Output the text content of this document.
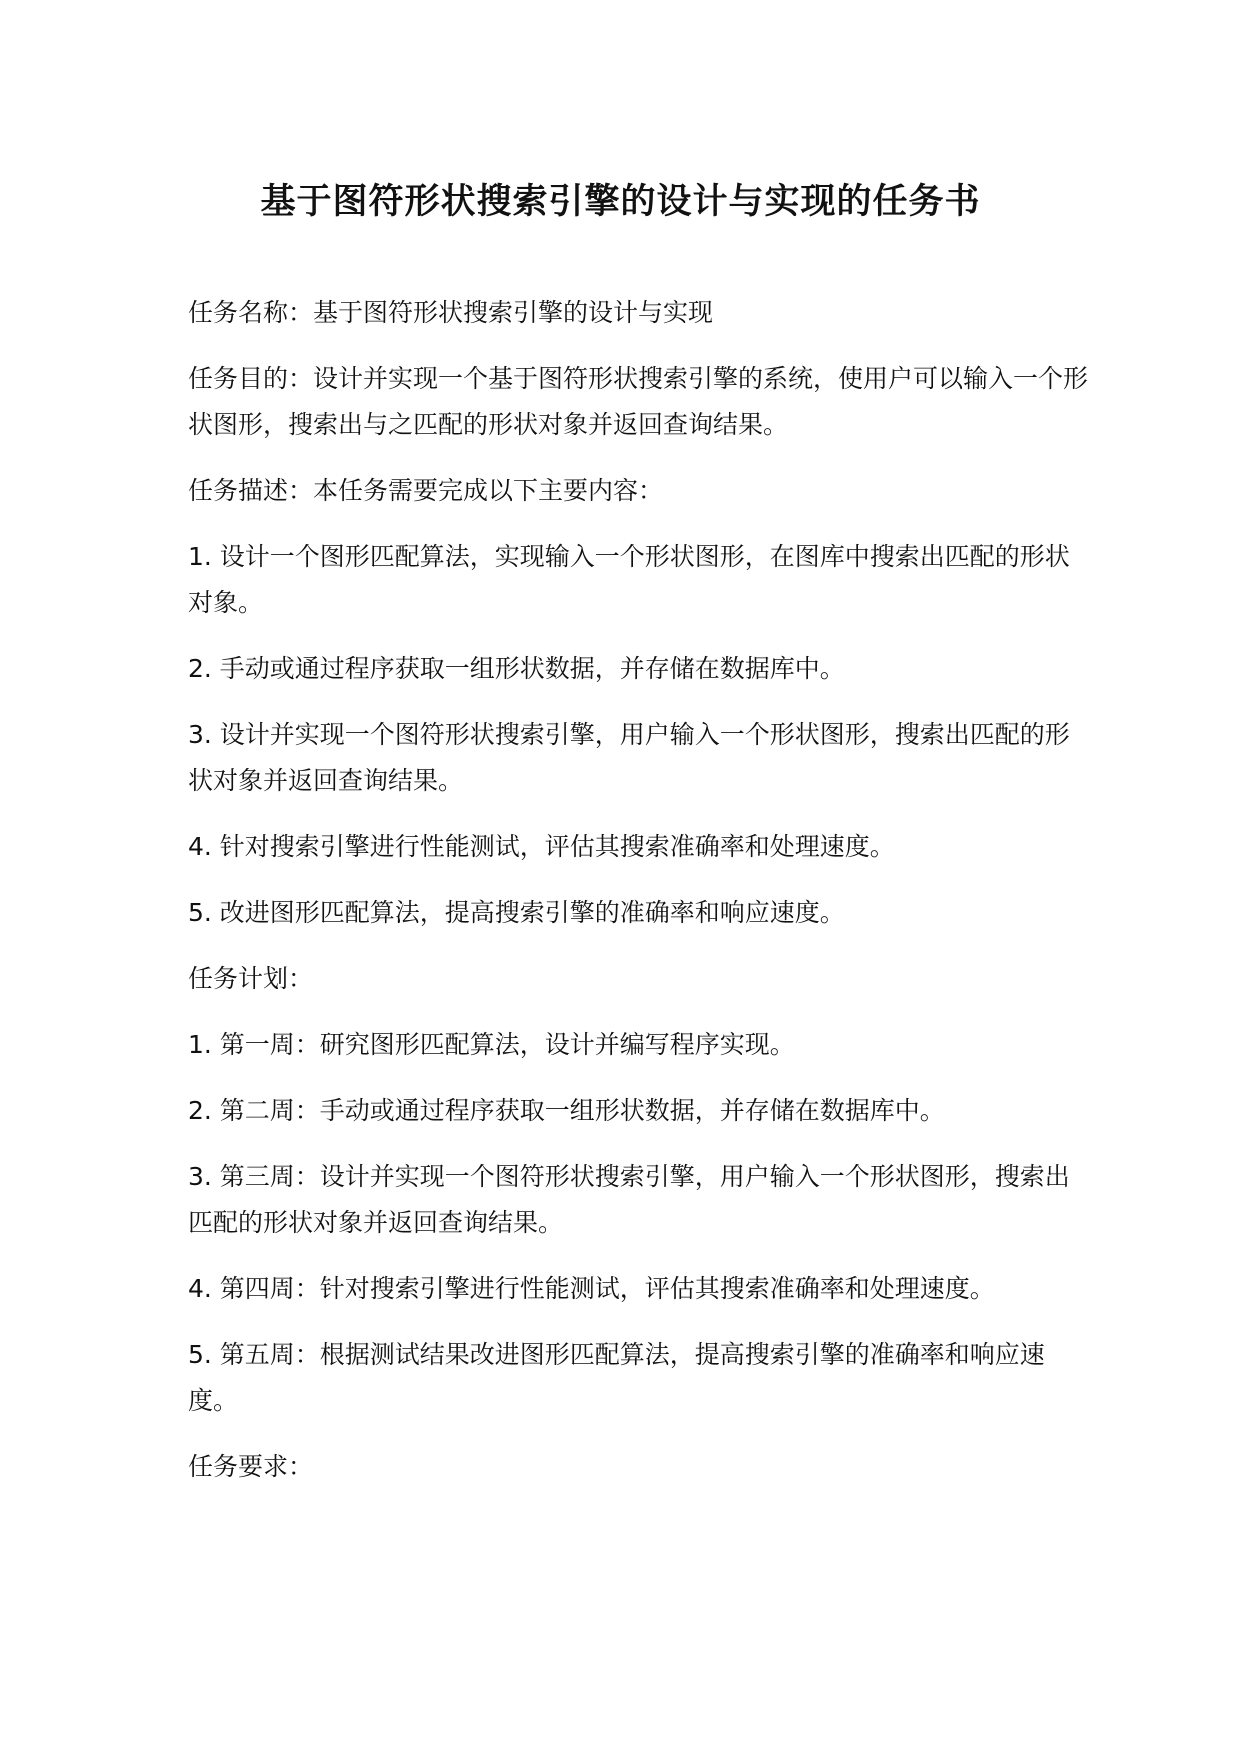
基于图符形状搜索引擎的设计与实现的任务书

任务名称：基于图符形状搜索引擎的设计与实现

任务目的：设计并实现一个基于图符形状搜索引擎的系统，使用户可以输入一个形状图形，搜索出与之匹配的形状对象并返回查询结果。

任务描述：本任务需要完成以下主要内容：

1. 设计一个图形匹配算法，实现输入一个形状图形，在图库中搜索出匹配的形状对象。

2. 手动或通过程序获取一组形状数据，并存储在数据库中。

3. 设计并实现一个图符形状搜索引擎，用户输入一个形状图形，搜索出匹配的形状对象并返回查询结果。

4. 针对搜索引擎进行性能测试，评估其搜索准确率和处理速度。

5. 改进图形匹配算法，提高搜索引擎的准确率和响应速度。

任务计划：

1. 第一周：研究图形匹配算法，设计并编写程序实现。

2. 第二周：手动或通过程序获取一组形状数据，并存储在数据库中。

3. 第三周：设计并实现一个图符形状搜索引擎，用户输入一个形状图形，搜索出匹配的形状对象并返回查询结果。

4. 第四周：针对搜索引擎进行性能测试，评估其搜索准确率和处理速度。

5. 第五周：根据测试结果改进图形匹配算法，提高搜索引擎的准确率和响应速度。

任务要求：
